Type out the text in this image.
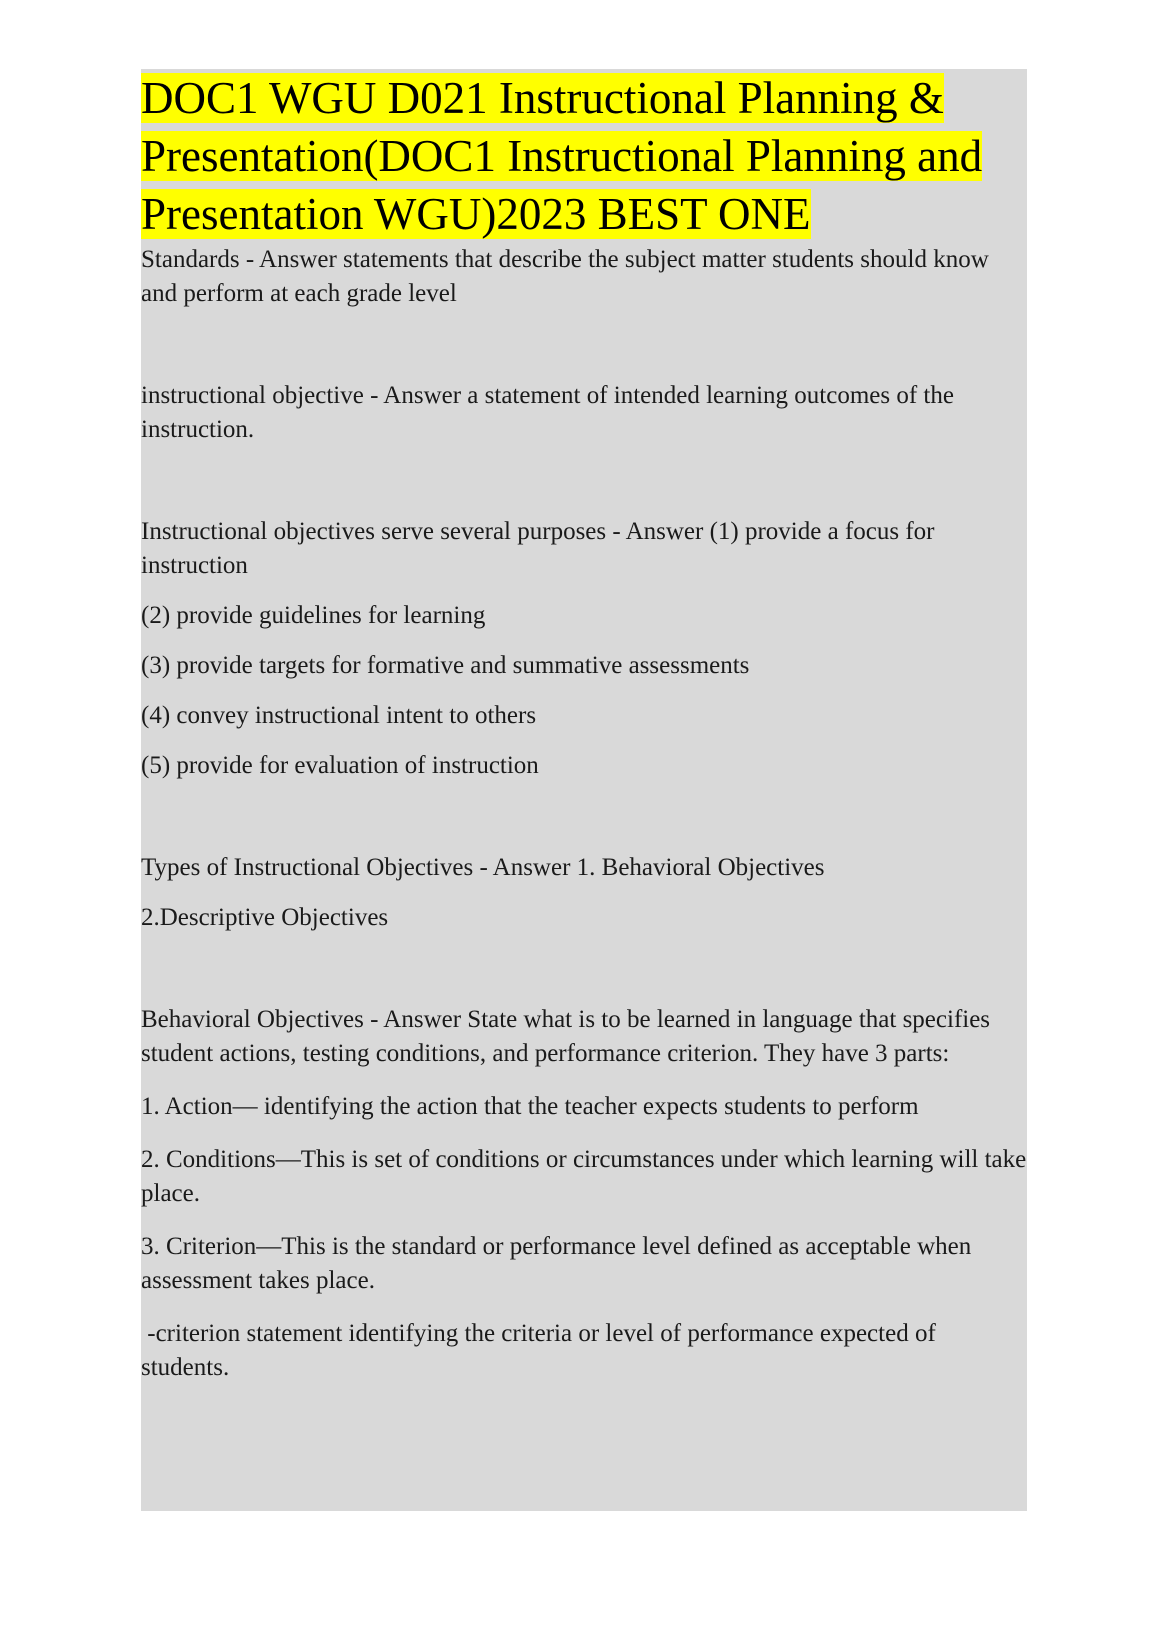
DOC1 WGU D021 Instructional Planning & Presentation(DOC1 Instructional Planning and Presentation WGU)2023 BEST ONE

Standards - Answer statements that describe the subject matter students should know and perform at each grade level

instructional objective - Answer a statement of intended learning outcomes of the instruction.

Instructional objectives serve several purposes - Answer (1) provide a focus for instruction

(2) provide guidelines for learning

(3) provide targets for formative and summative assessments

(4) convey instructional intent to others

(5) provide for evaluation of instruction

Types of Instructional Objectives - Answer 1. Behavioral Objectives

2.Descriptive Objectives

Behavioral Objectives - Answer State what is to be learned in language that specifies student actions, testing conditions, and performance criterion. They have 3 parts:

1. Action— identifying the action that the teacher expects students to perform

2. Conditions—This is set of conditions or circumstances under which learning will take place.

3. Criterion—This is the standard or performance level defined as acceptable when assessment takes place.

-criterion statement identifying the criteria or level of performance expected of students.
